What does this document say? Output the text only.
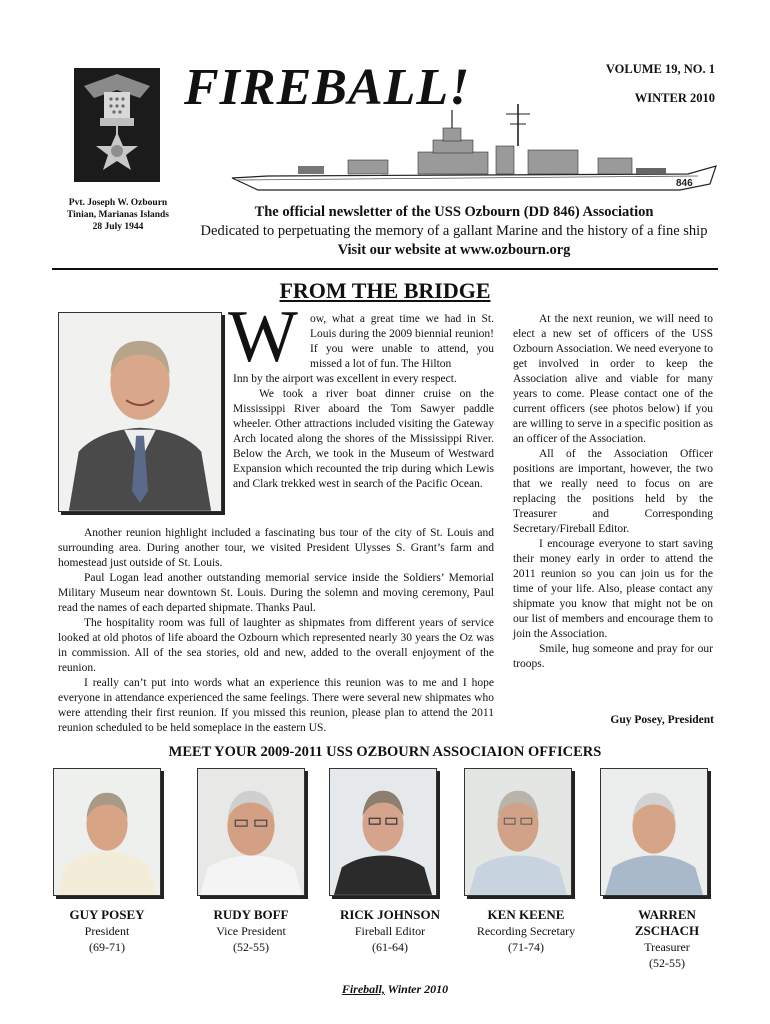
Pvt. Joseph W. Ozbourn
Tinian, Marianas Islands
28 July 1944
FIREBALL!	VOLUME 19, NO. 1
WINTER 2010
846
The official newsletter of the USS Ozbourn (DD 846) Association
Dedicated to perpetuating the memory of a gallant Marine and the history of a fine ship
Visit our website at www.ozbourn.org
FROM THE BRIDGE
W ow, what a great time we had in St. Louis during the 2009 biennial reunion! If you were unable to attend, you missed a lot of fun. The Hilton

Inn by the airport was excellent in every respect.

We took a river boat dinner cruise on the Mississippi River aboard the Tom Sawyer paddle wheeler. Other attractions included visiting the Gateway Arch located along the shores of the Mississippi River. Below the Arch, we took in the Museum of Westward Expansion which recounted the trip during which Lewis and Clark trekked west in search of the Pacific Ocean.

Another reunion highlight included a fascinating bus tour of the city of St. Louis and surrounding area. During another tour, we visited President Ulysses S. Grant’s farm and homestead just outside of St. Louis.

Paul Logan lead another outstanding memorial service inside the Soldiers’ Memorial Military Museum near downtown St. Louis. During the solemn and moving ceremony, Paul read the names of each departed shipmate. Thanks Paul.

The hospitality room was full of laughter as shipmates from different years of service looked at old photos of life aboard the Ozbourn which represented nearly 30 years the Oz was in commission. All of the sea stories, old and new, added to the overall enjoyment of the reunion.

I really can’t put into words what an experience this reunion was to me and I hope everyone in attendance experienced the same feelings. There were several new shipmates who were attending their first reunion. If you missed this reunion, please plan to attend the 2011 reunion scheduled to be held someplace in the eastern US.

At the next reunion, we will need to elect a new set of officers of the USS Ozbourn Association. We need everyone to get involved in order to keep the Association alive and viable for many years to come. Please contact one of the current officers (see photos below) if you are willing to serve in a specific position as an officer of the Association.

All of the Association Officer positions are important, however, the two that we really need to focus on are replacing the positions held by the Treasurer and Corresponding Secretary/Fireball Editor.

I encourage everyone to start saving their money early in order to attend the 2011 reunion so you can join us for the time of your life. Also, please contact any shipmate you know that might not be on our list of members and encourage them to join the Association.

Smile, hug someone and pray for our troops.

Guy Posey, President
MEET YOUR 2009-2011 USS OZBOURN ASSOCIAION OFFICERS
GUY POSEY
President
(69-71)
RUDY BOFF
Vice President
(52-55)
RICK JOHNSON
Fireball Editor
(61-64)
KEN KEENE
Recording Secretary
(71-74)
WARREN ZSCHACH
Treasurer
(52-55)
Fireball, Winter 2010
